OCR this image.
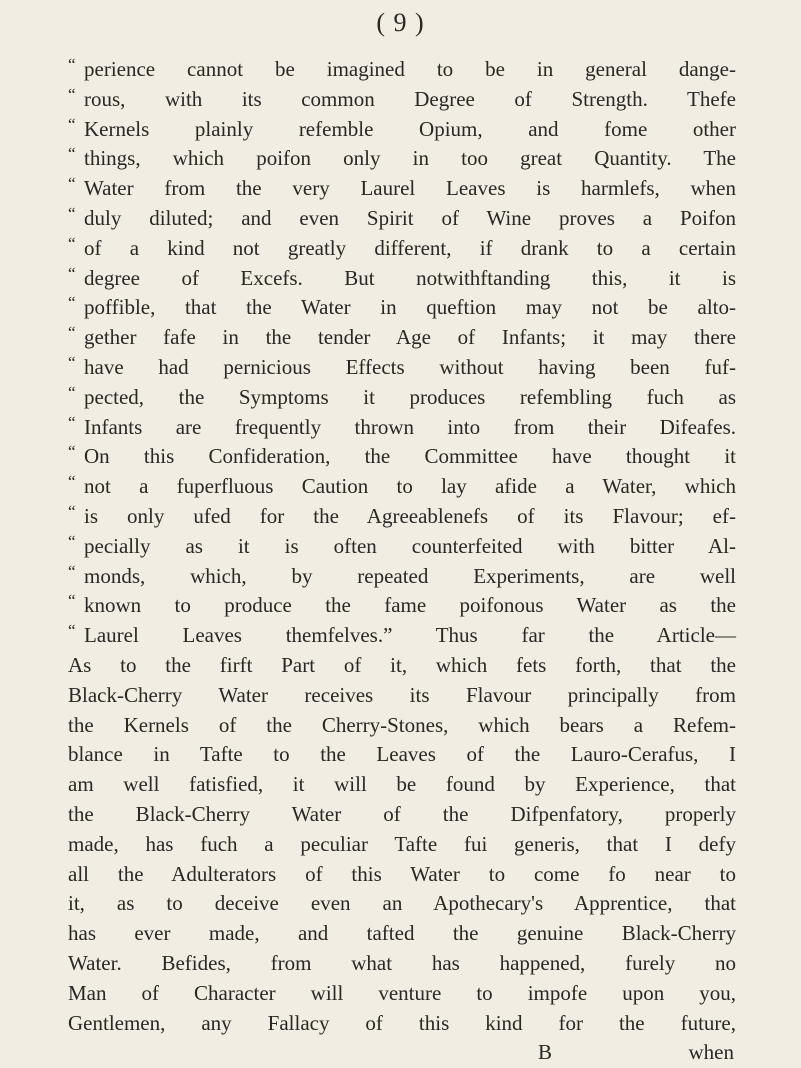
( 9 )
“ perience cannot be imagined to be in general dange-
“ rous, with its common Degree of Strength. Thefe
“ Kernels plainly refemble Opium, and fome other
“ things, which poifon only in too great Quantity. The
“ Water from the very Laurel Leaves is harmlefs, when
“ duly diluted; and even Spirit of Wine proves a Poifon
“ of a kind not greatly different, if drank to a certain
“ degree of Excefs. But notwithftanding this, it is
“ poffible, that the Water in queftion may not be alto-
“ gether fafe in the tender Age of Infants; it may there
“ have had pernicious Effects without having been fuf-
“ pected, the Symptoms it produces refembling fuch as
“ Infants are frequently thrown into from their Difeafes.
“ On this Confideration, the Committee have thought it
“ not a fuperfluous Caution to lay afide a Water, which
“ is only ufed for the Agreeablenefs of its Flavour; ef-
“ pecially as it is often counterfeited with bitter Al-
“ monds, which, by repeated Experiments, are well
“ known to produce the fame poifonous Water as the
“ Laurel Leaves themfelves.” Thus far the Article—
As to the firft Part of it, which fets forth, that the
Black-Cherry Water receives its Flavour principally from
the Kernels of the Cherry-Stones, which bears a Refem-
blance in Tafte to the Leaves of the Lauro-Cerafus, I
am well fatisfied, it will be found by Experience, that
the Black-Cherry Water of the Difpenfatory, properly
made, has fuch a peculiar Tafte fui generis, that I defy
all the Adulterators of this Water to come fo near to
it, as to deceive even an Apothecary's Apprentice, that
has ever made, and tafted the genuine Black-Cherry
Water. Befides, from what has happened, furely no
Man of Character will venture to impofe upon you,
Gentlemen, any Fallacy of this kind for the future,
B	when
